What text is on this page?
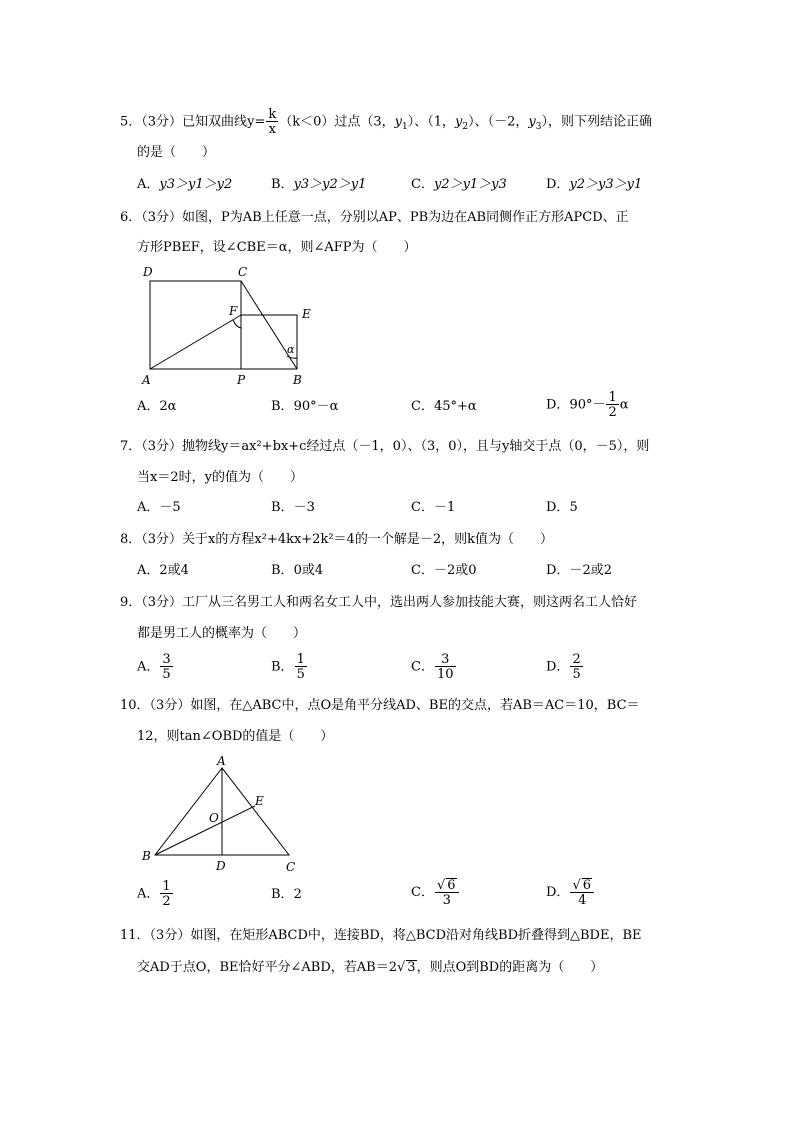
5．（3分）已知双曲线$y= \frac{k}{x} (k<0)$过点（3，$y_1$）、（1，$y_2$）、（－2，$y_3$），则下列结论正确
的是（　　）
A．y3＞y1＞y2	B．y3＞y2＞y1	C．y2＞y1＞y3	D．y2＞y3＞y1
6．（3分）如图，P为AB上任意一点，分别以AP、PB为边在AB同侧作正方形APCD、正
方形PBEF，设∠CBE＝α，则∠AFP为（　　）
D	C
F	E
α
A	P	B
A．2α	B．90°－α	C．45°+α	D．$90^\circ- \frac{1}{2}$ α
7．（3分）抛物线y＝ax²+bx+c经过点（－1，0）、（3，0），且与y轴交于点（0，－5），则
当x＝2时，y的值为（　　）
A．－5	B．－3	C．－1	D．5
8．（3分）关于x的方程x²+4kx+2k²＝4的一个解是－2，则k值为（　　）
A．2或4	B．0或4	C．－2或0	D．－2或2
9．（3分）工厂从三名男工人和两名女工人中，选出两人参加技能大赛，则这两名工人恰好
都是男工人的概率为（　　）
A． $\frac{3}{5}$	B． $\frac{1}{5}$	C． $\frac{3}{10}$	D． $\frac{2}{5}$
10．（3分）如图，在△ABC中，点O是角平分线AD、BE的交点，若AB＝AC＝10，BC＝
12，则tan∠OBD的值是（　　）
A
E
O
B
D	C
A． $\frac{1}{2}$	B．2	C． $\frac{√ 6}{3}$	D． $\frac{√ 6}{4}$
11．（3分）如图，在矩形ABCD中，连接BD，将△BCD沿对角线BD折叠得到△BDE，BE
交AD于点O，BE恰好平分∠ABD，若AB＝2√ 3，则点O到BD的距离为（　　）
